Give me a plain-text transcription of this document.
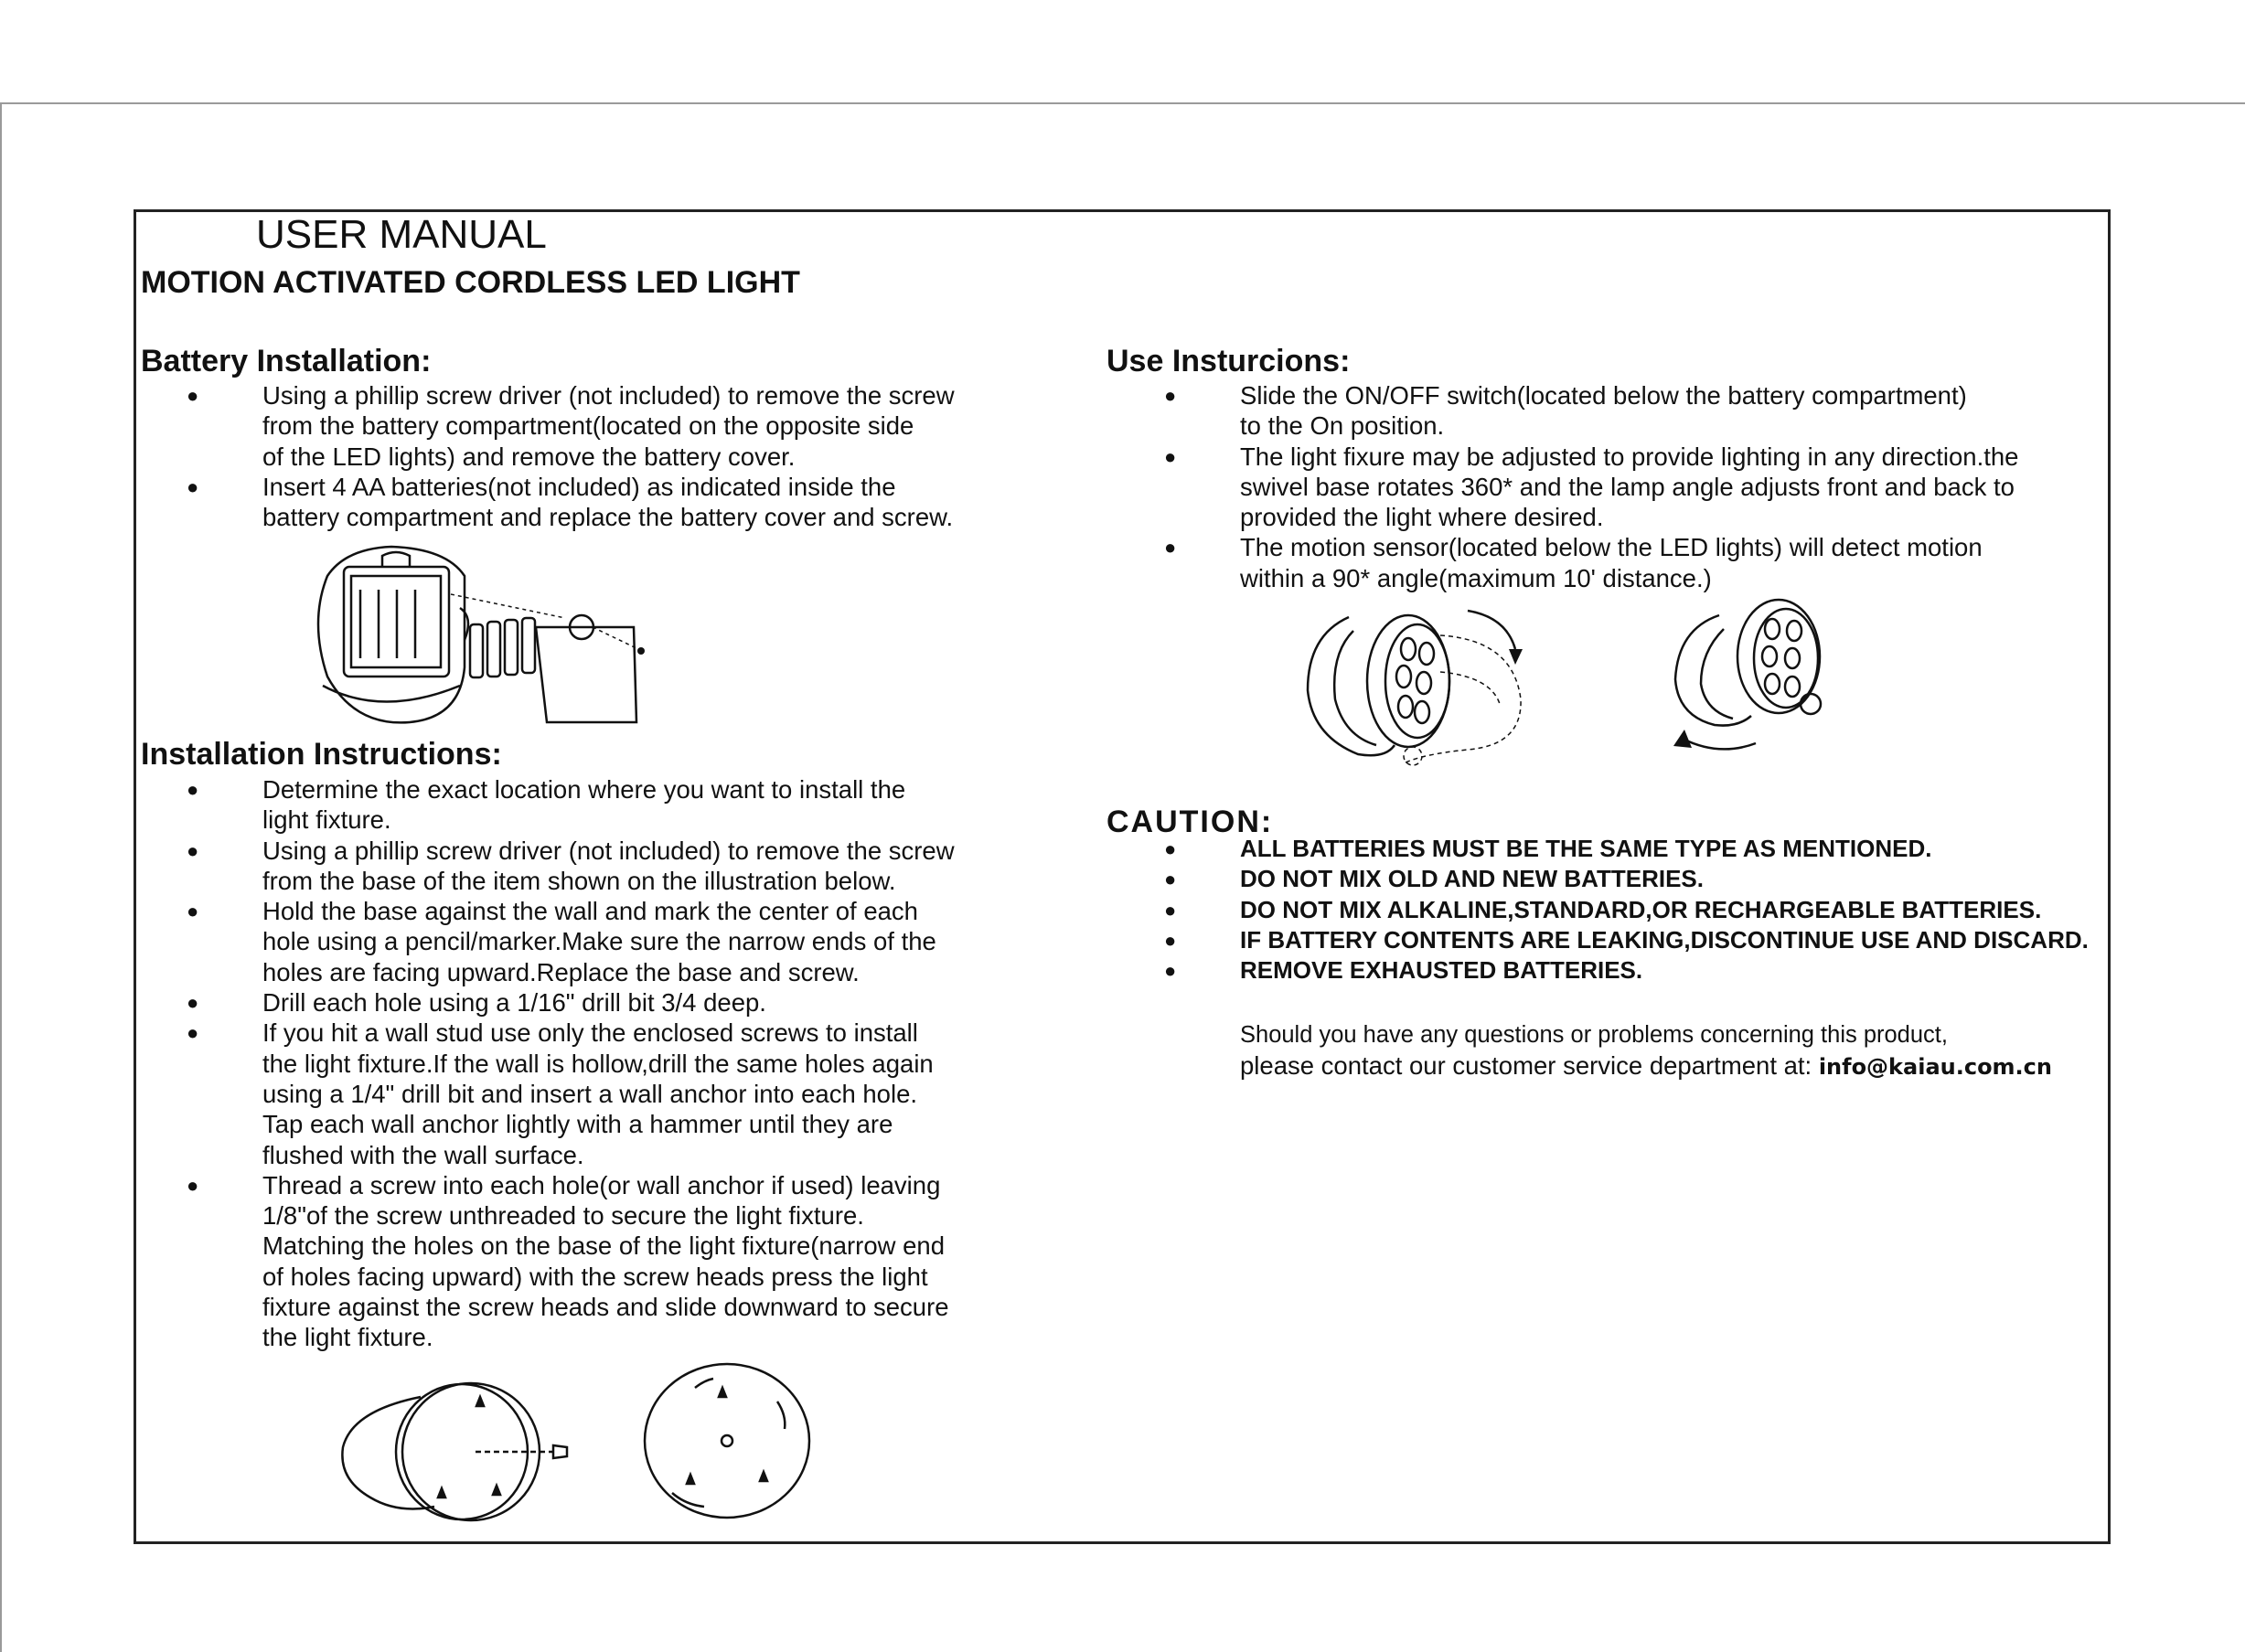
USER MANUAL
MOTION ACTIVATED CORDLESS LED LIGHT
Battery Installation:
●	Using a phillip screw driver (not included) to remove the screw
from the battery compartment(located on the opposite side
of the LED lights) and remove the battery cover.
●	Insert 4 AA batteries(not included) as indicated inside the
battery compartment and replace the battery cover and screw.
Installation Instructions:
●	Determine the exact location where you want to install the
light fixture.
●	Using a phillip screw driver (not included) to remove the screw
from the base of the item shown on the illustration below.
●	Hold the base against the wall and mark the center of each
hole using a pencil/marker.Make sure the narrow ends of the
holes are facing upward.Replace the base and screw.
●	Drill each hole using a 1/16" drill bit 3/4 deep.
●	If you hit a wall stud use only the enclosed screws to install
the light fixture.If the wall is hollow,drill the same holes again
using a 1/4" drill bit and insert a wall anchor into each hole.
Tap each wall anchor lightly with a hammer until they are
flushed with the wall surface.
●	Thread a screw into each hole(or wall anchor if used) leaving
1/8"of the screw unthreaded to secure the light fixture.
Matching the holes on the base of the light fixture(narrow end
of holes facing upward) with the screw heads press the light
fixture against the screw heads and slide downward to secure
the light fixture.
Use Insturcions:
●	Slide the ON/OFF switch(located below the battery compartment)
to the On position.
●	The light fixure may be adjusted to provide lighting in any direction.the
swivel base rotates 360* and the lamp angle adjusts front and back to
provided the light where desired.
●	The motion sensor(located below the LED lights) will detect motion
within a 90* angle(maximum 10' distance.)
CAUTION:
●	ALL BATTERIES MUST BE THE SAME TYPE AS MENTIONED.
●	DO NOT MIX OLD AND NEW BATTERIES.
●	DO NOT MIX ALKALINE,STANDARD,OR RECHARGEABLE BATTERIES.
●	IF BATTERY CONTENTS ARE LEAKING,DISCONTINUE USE AND DISCARD.
●	REMOVE EXHAUSTED BATTERIES.
Should you have any questions or problems concerning this product,
please contact our customer service department at: info@kaiau.com.cn
